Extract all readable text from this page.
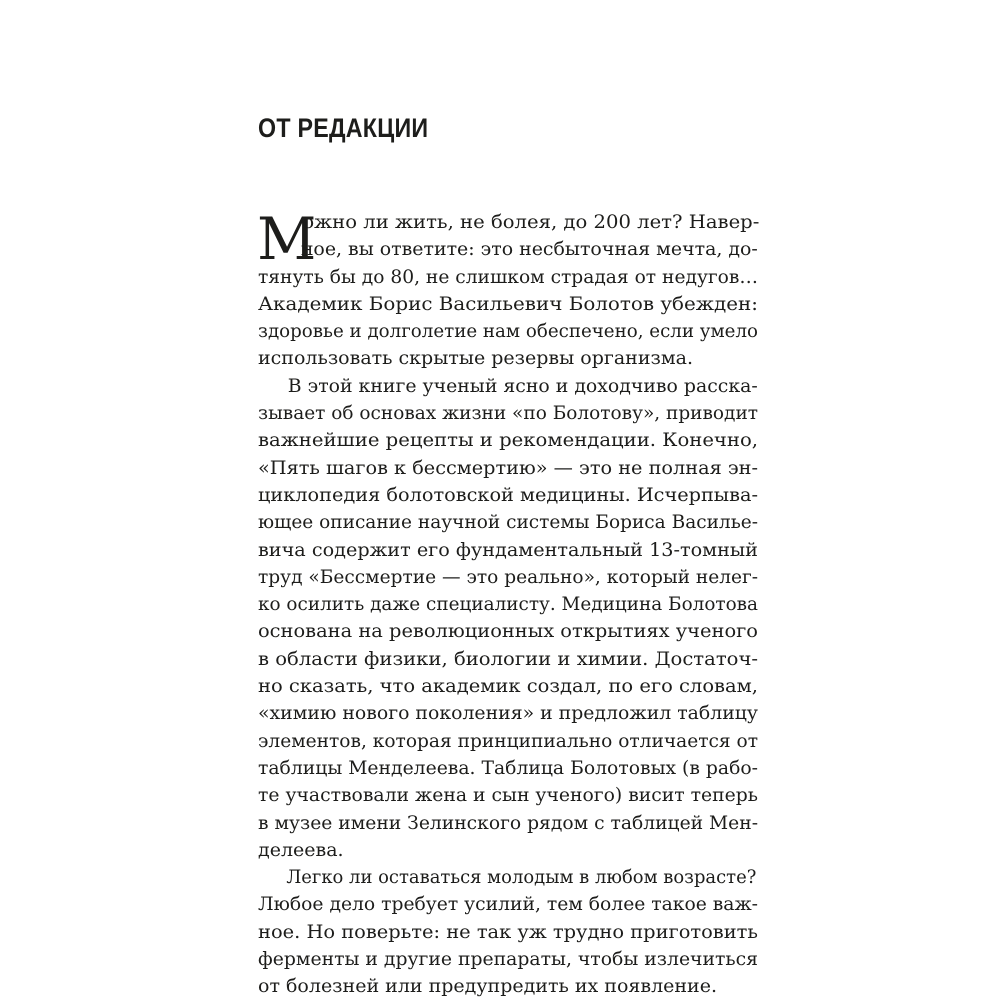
ОТ РЕДАКЦИИ
М
ожно ли жить, не болея, до 200 лет? Навер-
ное, вы ответите: это несбыточная мечта, до-
тянуть бы до 80, не слишком страдая от недугов…
Академик Борис Васильевич Болотов убежден:
здоровье и долголетие нам обеспечено, если умело
использовать скрытые резервы организма.
В этой книге ученый ясно и доходчиво расска-
зывает об основах жизни «по Болотову», приводит
важнейшие рецепты и рекомендации. Конечно,
«Пять шагов к бессмертию» — это не полная эн-
циклопедия болотовской медицины. Исчерпыва-
ющее описание научной системы Бориса Василье-
вича содержит его фундаментальный 13-томный
труд «Бессмертие — это реально», который нелег-
ко осилить даже специалисту. Медицина Болотова
основана на революционных открытиях ученого
в области физики, биологии и химии. Достаточ-
но сказать, что академик создал, по его словам,
«химию нового поколения» и предложил таблицу
элементов, которая принципиально отличается от
таблицы Менделеева. Таблица Болотовых (в рабо-
те участвовали жена и сын ученого) висит теперь
в музее имени Зелинского рядом с таблицей Мен-
делеева.
Легко ли оставаться молодым в любом возрасте?
Любое дело требует усилий, тем более такое важ-
ное. Но поверьте: не так уж трудно приготовить
ферменты и другие препараты, чтобы излечиться
от болезней или предупредить их появление.
